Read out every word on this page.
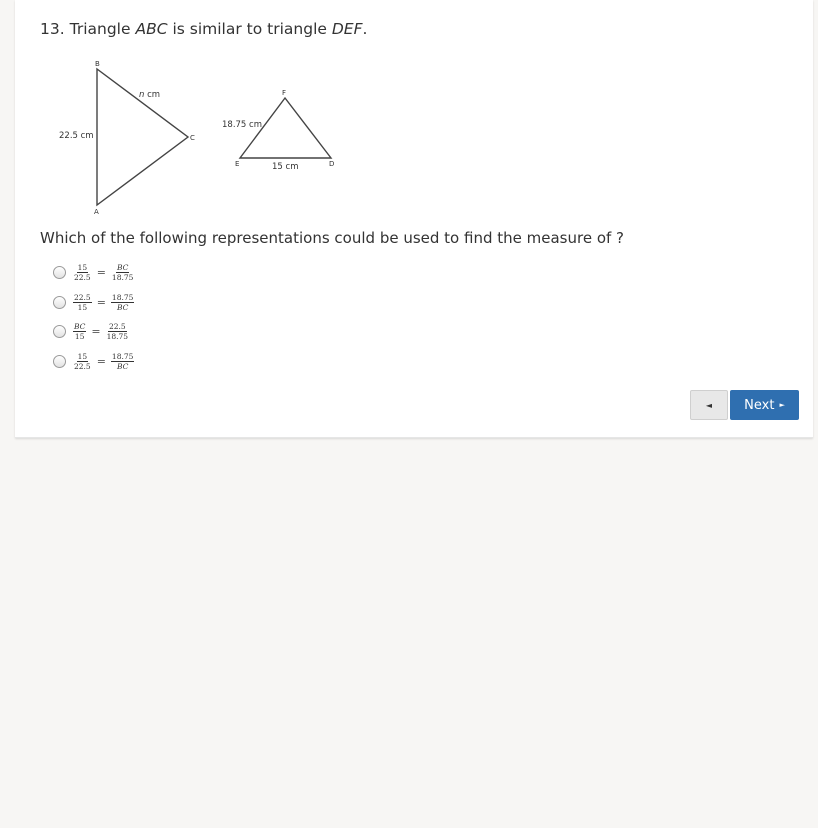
13. Triangle ABC is similar to triangle DEF.
B
C
A
22.5 cm
n cm	F
E	D
18.75 cm
15 cm
Which of the following representations could be used to find the measure of ?
$\frac{15}{22.5} = \frac{BC}{18.75}$
$\frac{22.5}{15} = \frac{18.75}{BC}$
$\frac{BC}{15} = \frac{22.5}{18.75}$
$\frac{15}{22.5} = \frac{18.75}{BC}$
◄ Next ►
